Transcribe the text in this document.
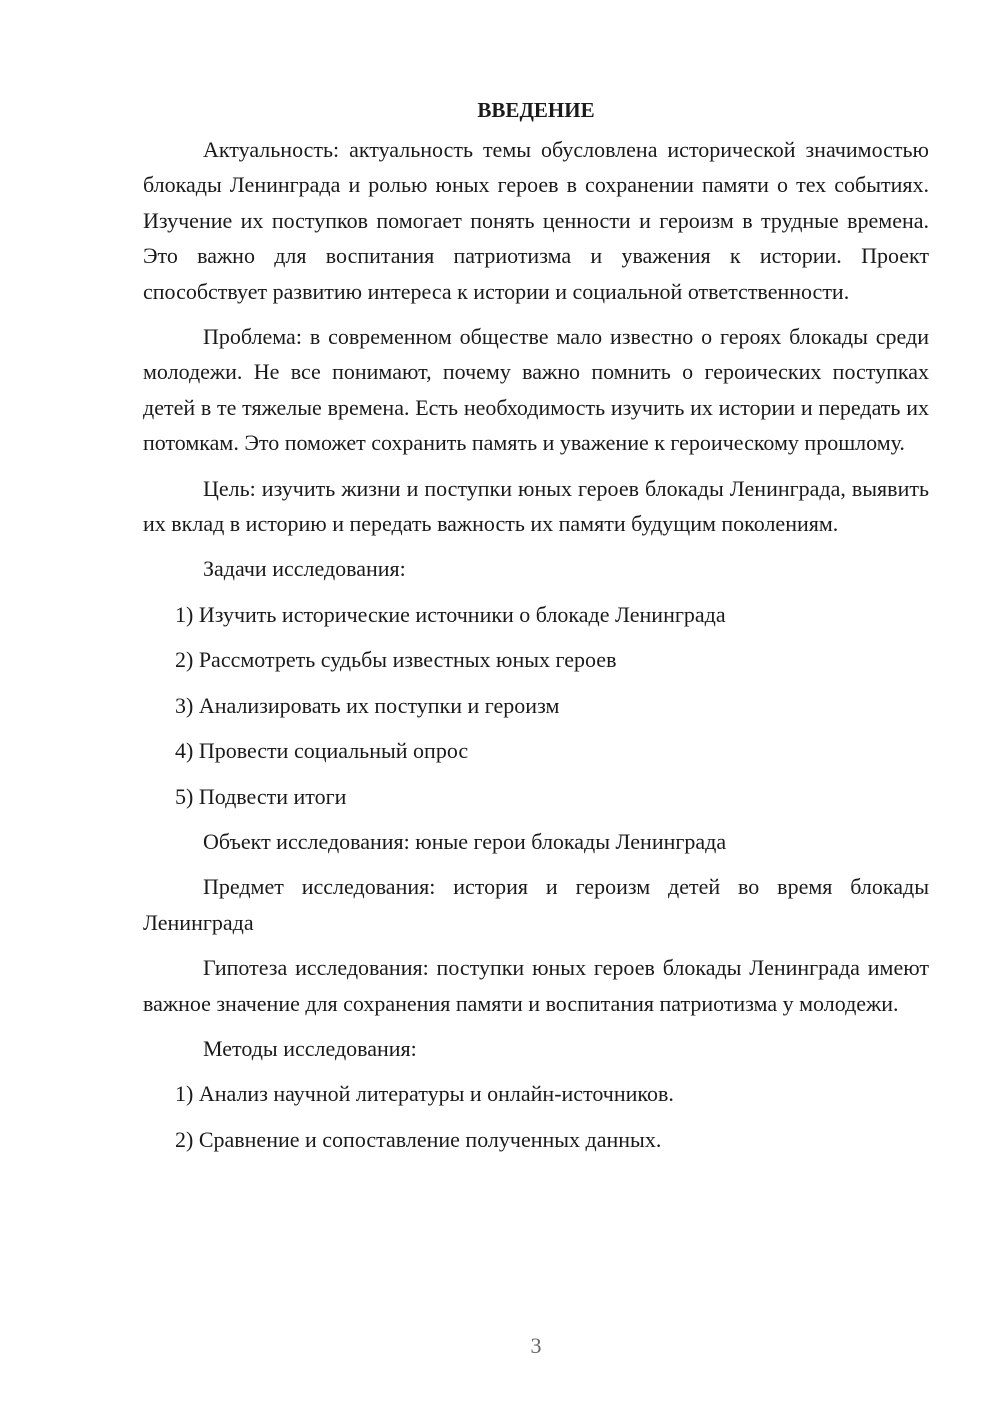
ВВЕДЕНИЕ

Актуальность: актуальность темы обусловлена исторической значимостью блокады Ленинграда и ролью юных героев в сохранении памяти о тех событиях. Изучение их поступков помогает понять ценности и героизм в трудные времена. Это важно для воспитания патриотизма и уважения к истории. Проект способствует развитию интереса к истории и социальной ответственности.

Проблема: в современном обществе мало известно о героях блокады среди молодежи. Не все понимают, почему важно помнить о героических поступках детей в те тяжелые времена. Есть необходимость изучить их истории и передать их потомкам. Это поможет сохранить память и уважение к героическому прошлому.

Цель: изучить жизни и поступки юных героев блокады Ленинграда, выявить их вклад в историю и передать важность их памяти будущим поколениям.

Задачи исследования:
1) Изучить исторические источники о блокаде Ленинграда
2) Рассмотреть судьбы известных юных героев
3) Анализировать их поступки и героизм
4) Провести социальный опрос
5) Подвести итоги
Объект исследования: юные герои блокады Ленинграда

Предмет исследования: история и героизм детей во время блокады Ленинграда

Гипотеза исследования: поступки юных героев блокады Ленинграда имеют важное значение для сохранения памяти и воспитания патриотизма у молодежи.

Методы исследования:
1) Анализ научной литературы и онлайн-источников.
2) Сравнение и сопоставление полученных данных.
3
